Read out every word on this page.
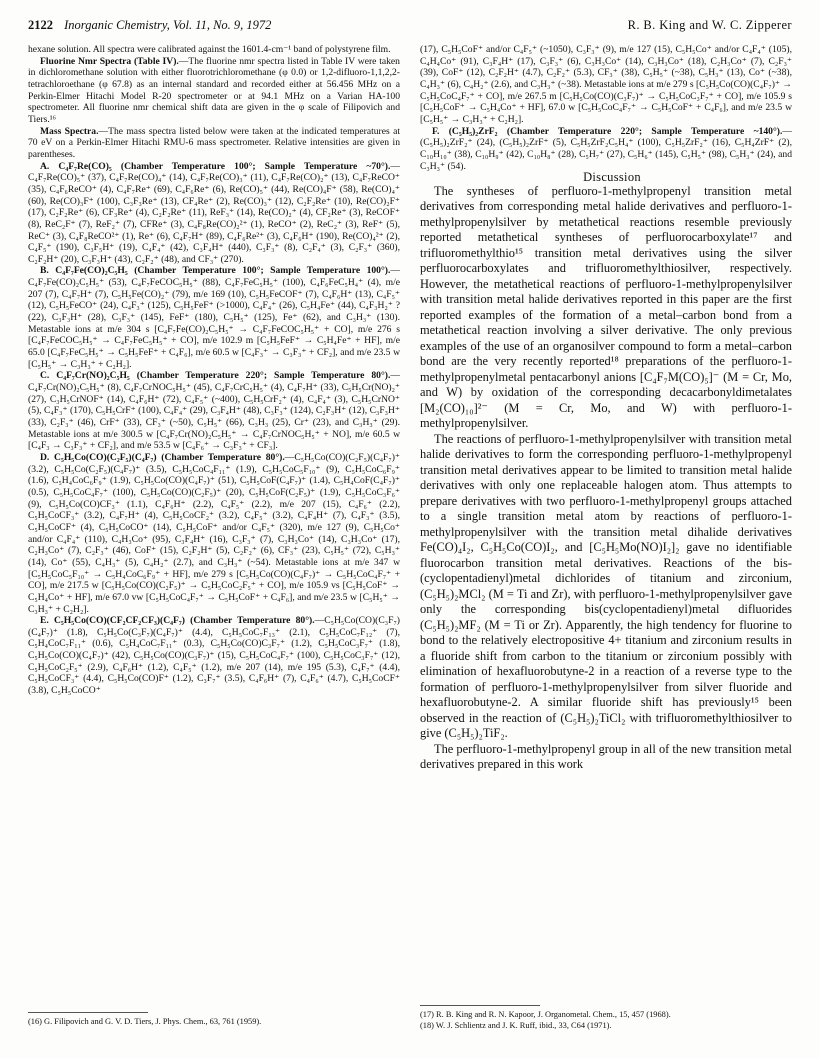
2122 Inorganic Chemistry, Vol. 11, No. 9, 1972	R. B. King and W. C. Zipperer

hexane solution. All spectra were calibrated against the 1601.4-cm⁻¹ band of polystyrene film.

Fluorine Nmr Spectra (Table IV).—The fluorine nmr spectra listed in Table IV were taken in dichloromethane solution with either fluorotrichloromethane (φ 0.0) or 1,2-difluoro-1,1,2,2-tetrachloroethane (φ 67.8) as an internal standard and recorded either at 56.456 MHz on a Perkin-Elmer Hitachi Model R-20 spectrometer or at 94.1 MHz on a Varian HA-100 spectrometer. All fluorine nmr chemical shift data are given in the φ scale of Filipovich and Tiers.¹⁶

Mass Spectra.—The mass spectra listed below were taken at the indicated temperatures at 70 eV on a Perkin-Elmer Hitachi RMU-6 mass spectrometer. Relative intensities are given in parentheses.

A. C₄F₇Re(CO)₅ (Chamber Temperature 100°; Sample Temperature ~70°).—C₄F₇Re(CO)₅⁺ (37), C₄F₇Re(CO)₄⁺ (14), C₄F₇Re(CO)₃⁺ (11), C₄F₇Re(CO)₂⁺ (13), C₄F₇ReCO⁺ (35), C₄F₆ReCO⁺ (4), C₄F₇Re⁺ (69), C₄F₆Re⁺ (6), Re(CO)₅⁺ (44), Re(CO)₄F⁺ (58), Re(CO)₄⁺ (60), Re(CO)₃F⁺ (100), C₃F₃Re⁺ (13), CF₄Re⁺ (2), Re(CO)₃⁺ (12), C₂F₂Re⁺ (10), Re(CO)₂F⁺ (17), C₂F₂Re⁺ (6), CF₃Re⁺ (4), C₂F₂Re⁺ (11), ReF₃⁺ (14), Re(CO)₂⁺ (4), CF₂Re⁺ (3), ReCOF⁺ (8), ReC₂F⁺ (7), ReF₂⁺ (7), CFRe⁺ (3), C₄F₈Re(CO)₂²⁺ (1), ReCO⁺ (2), ReC₂⁺ (3), ReF⁺ (5), ReC⁺ (3), C₄F₈ReCO²⁺ (1), Re⁺ (6), C₄F₇H⁺ (89), C₄F₆Re²⁺ (3), C₄F₆H⁺ (190), Re(CO)₄²⁺ (2), C₄F₅⁺ (190), C₃F₅H⁺ (19), C₄F₄⁺ (42), C₃F₄H⁺ (440), C₃F₃⁺ (8), C₂F₄⁺ (3), C₂F₃⁺ (360), C₂F₂H⁺ (20), C₃F₃H⁺ (43), C₂F₂⁺ (48), and CF₃⁺ (270).

B. C₄F₇Fe(CO)₂C₅H₅ (Chamber Temperature 100°; Sample Temperature 100°).—C₄F₇Fe(CO)₂C₅H₅⁺ (53), C₄F₇FeCOC₅H₅⁺ (88), C₄F₇FeC₅H₅⁺ (100), C₄F₆FeC₅H₄⁺ (4), m/e 207 (7), C₄F₇H⁺ (7), C₅H₅Fe(CO)₂⁺ (79), m/e 169 (10), C₅H₅FeCOF⁺ (7), C₄F₆H⁺ (13), C₄F₅⁺ (12), C₅H₅FeCO⁺ (24), C₄F₃⁺ (125), C₅H₅FeF⁺ (>1000), C₄F₄⁺ (26), C₅H₄Fe⁺ (44), C₄F₃H₂⁺ ? (22), C₃F₃H⁺ (28), C₃F₃⁺ (145), FeF⁺ (180), C₅H₅⁺ (125), Fe⁺ (62), and C₃H₃⁺ (130). Metastable ions at m/e 304 s [C₄F₇Fe(CO)₂C₅H₅⁺ → C₄F₇FeCOC₅H₅⁺ + CO], m/e 276 s [C₄F₇FeCOC₅H₅⁺ → C₄F₇FeC₅H₅⁺ + CO], m/e 102.9 m [C₅H₅FeF⁺ → C₅H₄Fe⁺ + HF], m/e 65.0 [C₄F₇FeC₅H₅⁺ → C₅H₅FeF⁺ + C₄F₆], m/e 60.5 w [C₄F₃⁺ → C₃F₃⁺ + CF₂], and m/e 23.5 w [C₅H₅⁺ → C₃H₃⁺ + C₂H₂].

C. C₄F₇Cr(NO)₂C₅H₅ (Chamber Temperature 220°; Sample Temperature 80°).—C₄F₇Cr(NO)₂C₅H₅⁺ (8), C₄F₇CrNOC₅H₅⁺ (45), C₄F₇CrC₅H₅⁺ (4), C₄F₇H⁺ (33), C₅H₅Cr(NO)₂⁺ (27), C₃H₅CrNOF⁺ (14), C₄F₆H⁺ (72), C₄F₅⁺ (~400), C₅H₅CrF₂⁺ (4), C₄F₄⁺ (3), C₅H₅CrNO⁺ (5), C₄F₃⁺ (170), C₅H₅CrF⁺ (100), C₄F₄⁺ (29), C₃F₄H⁺ (48), C₃F₃⁺ (124), C₂F₃H⁺ (12), C₃F₃H⁺ (33), C₂F₃⁺ (46), CrF⁺ (33), CF₃⁺ (~50), C₅H₅⁺ (66), C₃H₃ (25), Cr⁺ (23), and C₃H₃⁺ (29). Metastable ions at m/e 300.5 w [C₄F₇Cr(NO)₂C₅H₅⁺ → C₄F₇CrNOC₅H₅⁺ + NO], m/e 60.5 w [C₄F₃ → C₃F₃⁺ + CF₂], and m/e 53.5 w [C₄F₆⁺ → C₃F₃⁺ + CF₃].

D. C₅H₅Co(CO)(C₂F₅)(C₄F₇) (Chamber Temperature 80°).—C₅H₅Co(CO)(C₂F₅)(C₄F₇)⁺ (3.2), C₅H₅Co(C₂F₅)(C₄F₇)⁺ (3.5), C₅H₅CoC₄F₁₁⁺ (1.9), C₅H₅CoC₅F₁₀⁺ (9), C₅H₅CoC₆F₉⁺ (1.6), C₅H₄CoC₆F₉⁺ (1.9), C₅H₅Co(CO)(C₄F₇)⁺ (51), C₅H₅CoF(C₄F₇)⁺ (1.4), C₅H₄CoF(C₄F₇)⁺ (0.5), C₅H₅CoC₄F₇⁺ (100), C₅H₅Co(CO)(C₂F₅)⁺ (20), C₅H₅CoF(C₂F₅)⁺ (1.9), C₅H₅CoC₃F₆⁺ (9), C₅H₅Co(CO)CF₃⁺ (1.1), C₄F₆H⁺ (2.2), C₄F₅⁺ (2.2), m/e 207 (15), C₄F₆⁺ (2.2), C₅H₅CoCF₃⁺ (3.2), C₄F₇H⁺ (4), C₅H₅CoCF₂⁺ (3.2), C₄F₅⁺ (3.2), C₄F₄H⁺ (7), C₄F₃⁺ (3.5), C₅H₅CoCF⁺ (4), C₅H₅CoCO⁺ (14), C₅H₅CoF⁺ and/or C₄F₅⁺ (320), m/e 127 (9), C₅H₅Co⁺ and/or C₄F₄⁺ (110), C₄H₃Co⁺ (95), C₃F₄H⁺ (16), C₃F₃⁺ (7), C₃H₃Co⁺ (14), C₃H₃Co⁺ (17), C₂H₃Co⁺ (7), C₂F₃⁺ (46), CoF⁺ (15), C₂F₂H⁺ (5), C₂F₂⁺ (6), CF₃⁺ (23), C₅H₅⁺ (72), C₅H₃⁺ (14), Co⁺ (55), C₄H₃⁺ (5), C₄H₂⁺ (2.7), and C₃H₃⁺ (~54). Metastable ions at m/e 347 w [C₅H₅CoC₅F₁₀⁺ → C₅H₄CoC₆F₉⁺ + HF], m/e 279 s [C₅H₅Co(CO)(C₄F₇)⁺ → C₅H₅CoC₄F₇⁺ + CO], m/e 217.5 w [C₅H₅Co(CO)(C₂F₅)⁺ → C₅H₅CoC₂F₅⁺ + CO], m/e 105.9 vs [C₅H₅CoF⁺ → C₅H₄Co⁺ + HF], m/e 67.0 vw [C₅H₅CoC₄F₇⁺ → C₅H₅CoF⁺ + C₄F₆], and m/e 23.5 w [C₅H₅⁺ → C₃H₃⁺ + C₂H₂].

E. C₅H₅Co(CO)(CF₂CF₂CF₃)(C₄F₇) (Chamber Temperature 80°).—C₅H₅Co(CO)(C₃F₇)(C₄F₇)⁺ (1.8), C₅H₅Co(C₃F₇)(C₄F₇)⁺ (4.4), C₅H₅CoC₇F₁₃⁺ (2.1), C₅H₅CoC₇F₁₂⁺ (7), C₅H₄CoC₇F₁₁⁺ (0.6), C₅H₄CoC₇F₁₁⁺ (0.3), C₅H₅Co(CO)C₃F₇⁺ (1.2), C₅H₅CoC₃F₇⁺ (1.8), C₅H₅Co(CO)(C₄F₇)⁺ (42), C₅H₅Co(CO)(C₃F₇)⁺ (15), C₅H₅CoC₄F₇⁺ (100), C₅H₅CoC₃F₇⁺ (12), C₅H₅CoC₂F₅⁺ (2.9), C₄F₆H⁺ (1.2), C₄F₅⁺ (1.2), m/e 207 (14), m/e 195 (5.3), C₄F₇⁺ (4.4), C₅H₅CoCF₃⁺ (4.4), C₅H₅Co(CO)F⁺ (1.2), C₃F₇⁺ (3.5), C₄F₆H⁺ (7), C₄F₆⁺ (4.7), C₅H₅CoCF⁺ (3.8), C₅H₅CoCO⁺

(17), C₅H₅CoF⁺ and/or C₄F₅⁺ (~1050), C₃F₃⁺ (9), m/e 127 (15), C₅H₅Co⁺ and/or C₄F₄⁺ (105), C₄H₄Co⁺ (91), C₃F₄H⁺ (17), C₃F₃⁺ (6), C₃H₃Co⁺ (14), C₃H₃Co⁺ (18), C₂H₃Co⁺ (7), C₂F₃⁺ (39), CoF⁺ (12), C₂F₂H⁺ (4.7), C₂F₂⁺ (5.3), CF₃⁺ (38), C₅H₅⁺ (~38), C₅H₃⁺ (13), Co⁺ (~38), C₄H₃⁺ (6), C₄H₂⁺ (2.6), and C₃H₃⁺ (~38). Metastable ions at m/e 279 s [C₅H₅Co(CO)(C₄F₇)⁺ → C₅H₅CoC₄F₇⁺ + CO], m/e 267.5 m [C₅H₅Co(CO)(C₃F₇)⁺ → C₅H₅CoC₃F₇⁺ + CO], m/e 105.9 s [C₅H₅CoF⁺ → C₅H₄Co⁺ + HF], 67.0 w [C₅H₅CoC₄F₇⁺ → C₅H₅CoF⁺ + C₄F₆], and m/e 23.5 w [C₅H₅⁺ → C₃H₃⁺ + C₂H₂].

F. (C₅H₅)₂ZrF₂ (Chamber Temperature 220°; Sample Temperature ~140°).—(C₅H₅)₂ZrF₂⁺ (24), (C₅H₅)₂ZrF⁺ (5), C₅H₅ZrF₂C₅H₄⁺ (100), C₅H₅ZrF₂⁺ (16), C₅H₄ZrF⁺ (2), C₁₀H₁₀⁺ (38), C₁₀H₉⁺ (42), C₁₀H₈⁺ (28), C₅H₇⁺ (27), C₅H₆⁺ (145), C₅H₅⁺ (98), C₅H₃⁺ (24), and C₃H₃⁺ (54).

Discussion

The syntheses of perfluoro-1-methylpropenyl transition metal derivatives from corresponding metal halide derivatives and perfluoro-1-methylpropenylsilver by metathetical reactions resemble previously reported metathetical syntheses of perfluorocarboxylate¹⁷ and trifluoromethylthio¹⁵ transition metal derivatives using the silver perfluorocarboxylates and trifluoromethylthiosilver, respectively. However, the metathetical reactions of perfluoro-1-methylpropenylsilver with transition metal halide derivatives reported in this paper are the first reported examples of the formation of a metal–carbon bond from a metathetical reaction involving a silver derivative. The only previous examples of the use of an organosilver compound to form a metal–carbon bond are the very recently reported¹⁸ preparations of the perfluoro-1-methylpropenylmetal pentacarbonyl anions [C₄F₇M(CO)₅]⁻ (M = Cr, Mo, and W) by oxidation of the corresponding decacarbonyldimetalates [M₂(CO)₁₀]²⁻ (M = Cr, Mo, and W) with perfluoro-1-methylpropenylsilver.

The reactions of perfluoro-1-methylpropenylsilver with transition metal halide derivatives to form the corresponding perfluoro-1-methylpropenyl transition metal derivatives appear to be limited to transition metal halide derivatives with only one replaceable halogen atom. Thus attempts to prepare derivatives with two perfluoro-1-methylpropenyl groups attached to a single transition metal atom by reactions of perfluoro-1-methylpropenylsilver with the transition metal dihalide derivatives Fe(CO)₄I₂, C₅H₅Co(CO)I₂, and [C₅H₅Mo(NO)I₂]₂ gave no identifiable fluorocarbon transition metal derivatives. Reactions of the bis-(cyclopentadienyl)metal dichlorides of titanium and zirconium, (C₅H₅)₂MCl₂ (M = Ti and Zr), with perfluoro-1-methylpropenylsilver gave only the corresponding bis(cyclopentadienyl)metal difluorides (C₅H₅)₂MF₂ (M = Ti or Zr). Apparently, the high tendency for fluorine to bond to the relatively electropositive 4+ titanium and zirconium results in a fluoride shift from carbon to the titanium or zirconium possibly with elimination of hexafluorobutyne-2 in a reaction of a reverse type to the formation of perfluoro-1-methylpropenylsilver from silver fluoride and hexafluorobutyne-2. A similar fluoride shift has previously¹⁵ been observed in the reaction of (C₅H₅)₂TiCl₂ with trifluoromethylthiosilver to give (C₅H₅)₂TiF₂.

The perfluoro-1-methylpropenyl group in all of the new transition metal derivatives prepared in this work

(16) G. Filipovich and G. V. D. Tiers, J. Phys. Chem., 63, 761 (1959).
(17) R. B. King and R. N. Kapoor, J. Organometal. Chem., 15, 457 (1968).
(18) W. J. Schlientz and J. K. Ruff, ibid., 33, C64 (1971).
